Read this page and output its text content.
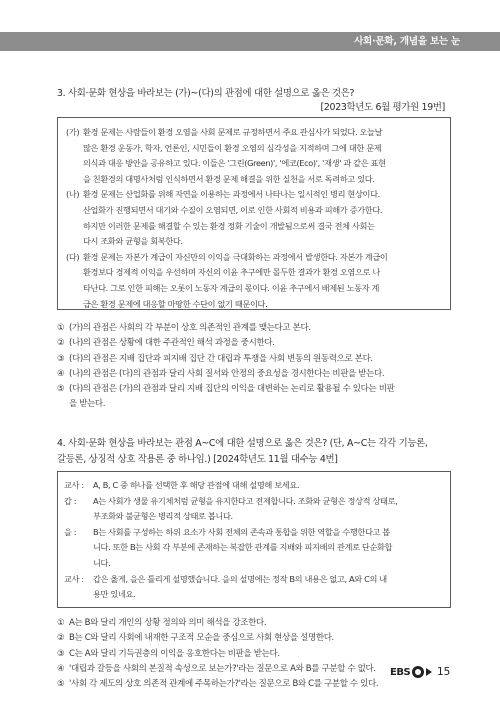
사회·문화, 개념을 보는 눈
3. 사회·문화 현상을 바라보는 (가)~(다)의 관점에 대한 설명으로 옳은 것은?
[2023학년도 6월 평가원 19번]
(가) 환경 문제는 사람들이 환경 오염을 사회 문제로 규정하면서 주요 관심사가 되었다. 오늘날
많은 환경 운동가, 학자, 언론인, 시민들이 환경 오염의 심각성을 지적하며 그에 대한 문제
의식과 대응 방안을 공유하고 있다. 이들은 '그린(Green)', '에코(Eco)', '재생' 과 같은 표현
을 친환경의 대명사처럼 인식하면서 환경 문제 해결을 위한 실천을 서로 독려하고 있다.
(나) 환경 문제는 산업화를 위해 자연을 이용하는 과정에서 나타나는 일시적인 병리 현상이다.
산업화가 진행되면서 대기와 수질이 오염되면, 이로 인한 사회적 비용과 피해가 증가한다.
하지만 이러한 문제를 해결할 수 있는 환경 정화 기술이 개발됨으로써 결국 전체 사회는
다시 조화와 균형을 회복한다.
(다) 환경 문제는 자본가 계급이 자신만의 이익을 극대화하는 과정에서 발생한다. 자본가 계급이
환경보다 경제적 이익을 우선하며 자신의 이윤 추구에만 몰두한 결과가 환경 오염으로 나
타난다. 그로 인한 피해는 오롯이 노동자 계급의 몫이다. 이윤 추구에서 배제된 노동자 계
급은 환경 문제에 대응할 마땅한 수단이 없기 때문이다.
① (가)의 관점은 사회의 각 부분이 상호 의존적인 관계를 맺는다고 본다.
② (나)의 관점은 상황에 대한 주관적인 해석 과정을 중시한다.
③ (다)의 관점은 지배 집단과 피지배 집단 간 대립과 투쟁을 사회 변동의 원동력으로 본다.
④ (나)의 관점은 (다)의 관점과 달리 사회 질서와 안정의 중요성을 경시한다는 비판을 받는다.
⑤ (다)의 관점은 (가)의 관점과 달리 지배 집단의 이익을 대변하는 논리로 활용될 수 있다는 비판
을 받는다.
4. 사회·문화 현상을 바라보는 관점 A~C에 대한 설명으로 옳은 것은? (단, A~C는 각각 기능론,
갈등론, 상징적 상호 작용론 중 하나임.) [2024학년도 11월 대수능 4번]
교사 : A, B, C 중 하나를 선택한 후 해당 관점에 대해 설명해 보세요.
갑 : A는 사회가 생물 유기체처럼 균형을 유지한다고 전제합니다. 조화와 균형은 정상적 상태로,
부조화와 불균형은 병리적 상태로 봅니다.
을 : B는 사회를 구성하는 하위 요소가 사회 전체의 존속과 통합을 위한 역할을 수행한다고 봅
니다. 또한 B는 사회 각 부분에 존재하는 복잡한 관계를 지배와 피지배의 관계로 단순화합
니다.
교사 : 갑은 옳게, 을은 틀리게 설명했습니다. 을의 설명에는 정작 B의 내용은 없고, A와 C의 내
용만 있네요.
① A는 B와 달리 개인의 상황 정의와 의미 해석을 강조한다.
② B는 C와 달리 사회에 내재한 구조적 모순을 중심으로 사회 현상을 설명한다.
③ C는 A와 달리 기득권층의 이익을 옹호한다는 비판을 받는다.
④ '대립과 갈등을 사회의 본질적 속성으로 보는가?'라는 질문으로 A와 B를 구분할 수 없다.
⑤ '사회 각 제도의 상호 의존적 관계에 주목하는가?'라는 질문으로 B와 C를 구분할 수 있다.
EBS	15
